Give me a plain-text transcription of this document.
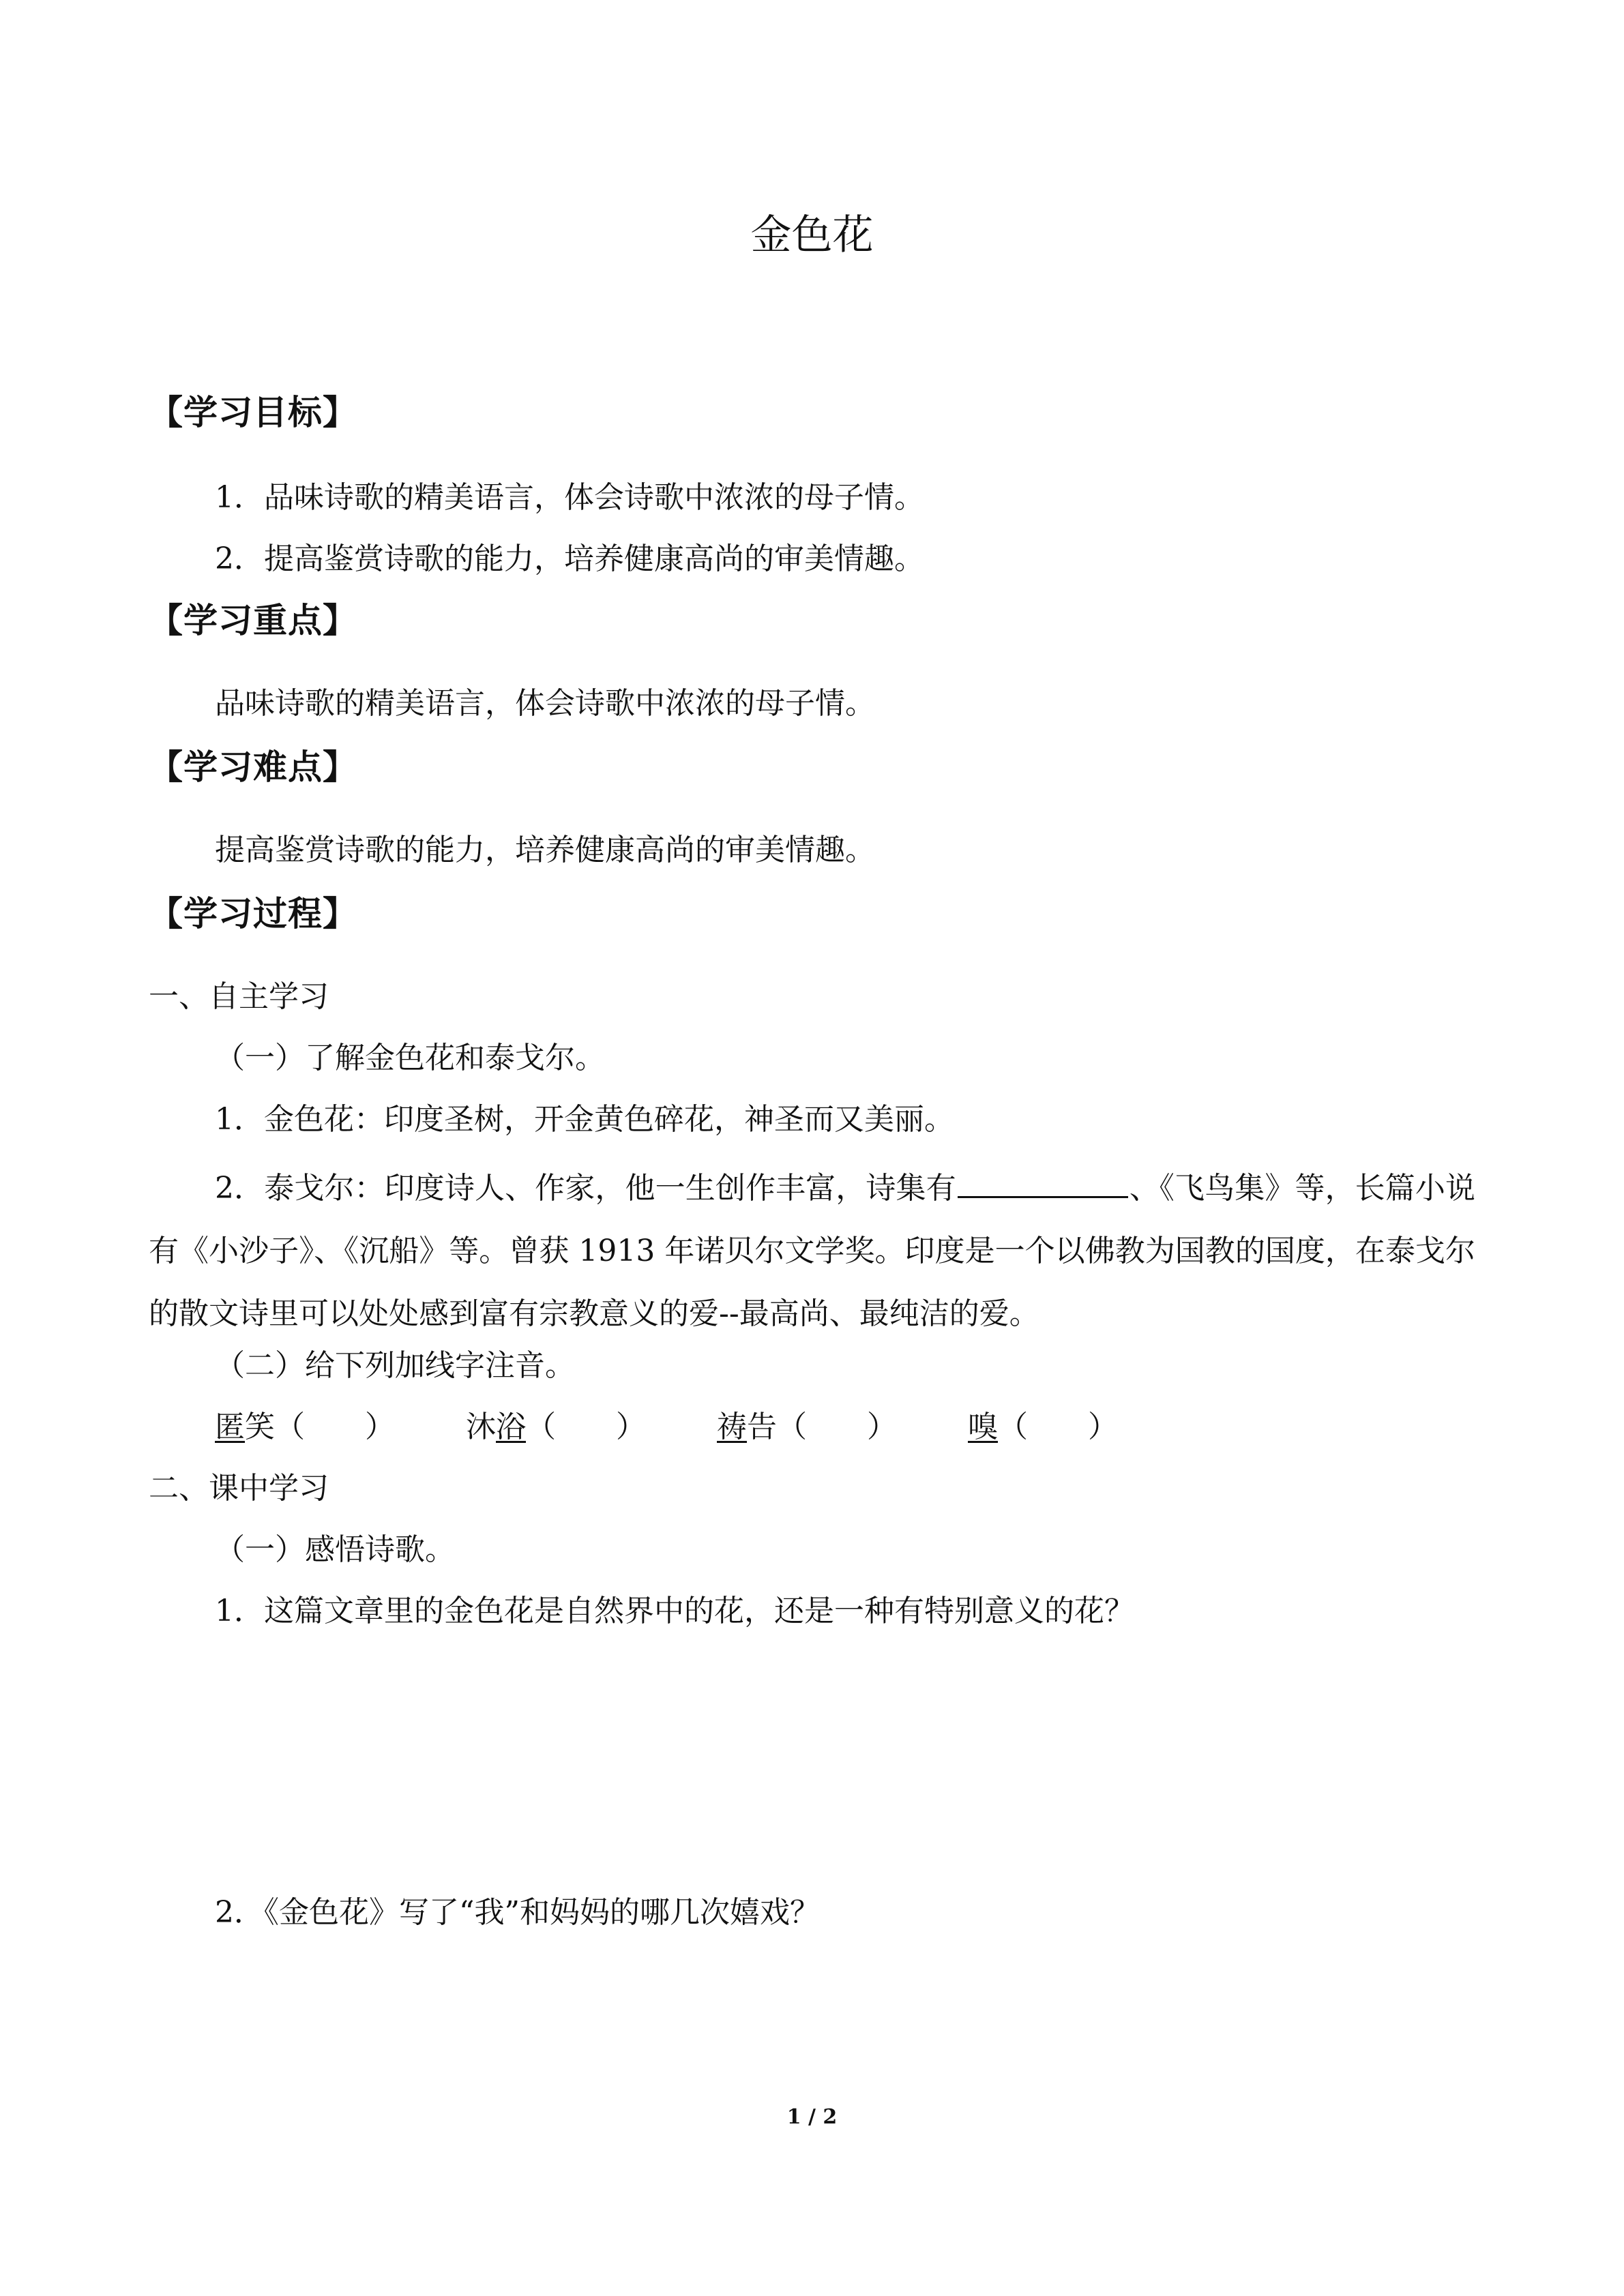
金色花
【学习目标】
1．品味诗歌的精美语言，体会诗歌中浓浓的母子情。
2．提高鉴赏诗歌的能力，培养健康高尚的审美情趣。
【学习重点】
品味诗歌的精美语言，体会诗歌中浓浓的母子情。
【学习难点】
提高鉴赏诗歌的能力，培养健康高尚的审美情趣。
【学习过程】
一、自主学习
（一）了解金色花和泰戈尔。
1．金色花：印度圣树，开金黄色碎花，神圣而又美丽。
2．泰戈尔：印度诗人、作家，他一生创作丰富，诗集有	、《飞鸟集》等，长篇小说有《小沙子》、《沉船》等。曾获 1913 年诺贝尔文学奖。印度是一个以佛教为国教的国度，在泰戈尔的散文诗里可以处处感到富有宗教意义的爱--最高尚、最纯洁的爱。
（二）给下列加线字注音。
匿笑（　　） 沐浴（　　） 祷告（　　） 嗅（　　）
二、课中学习
（一）感悟诗歌。
1．这篇文章里的金色花是自然界中的花，还是一种有特别意义的花？
2．《金色花》写了“我”和妈妈的哪几次嬉戏？
1 / 2
